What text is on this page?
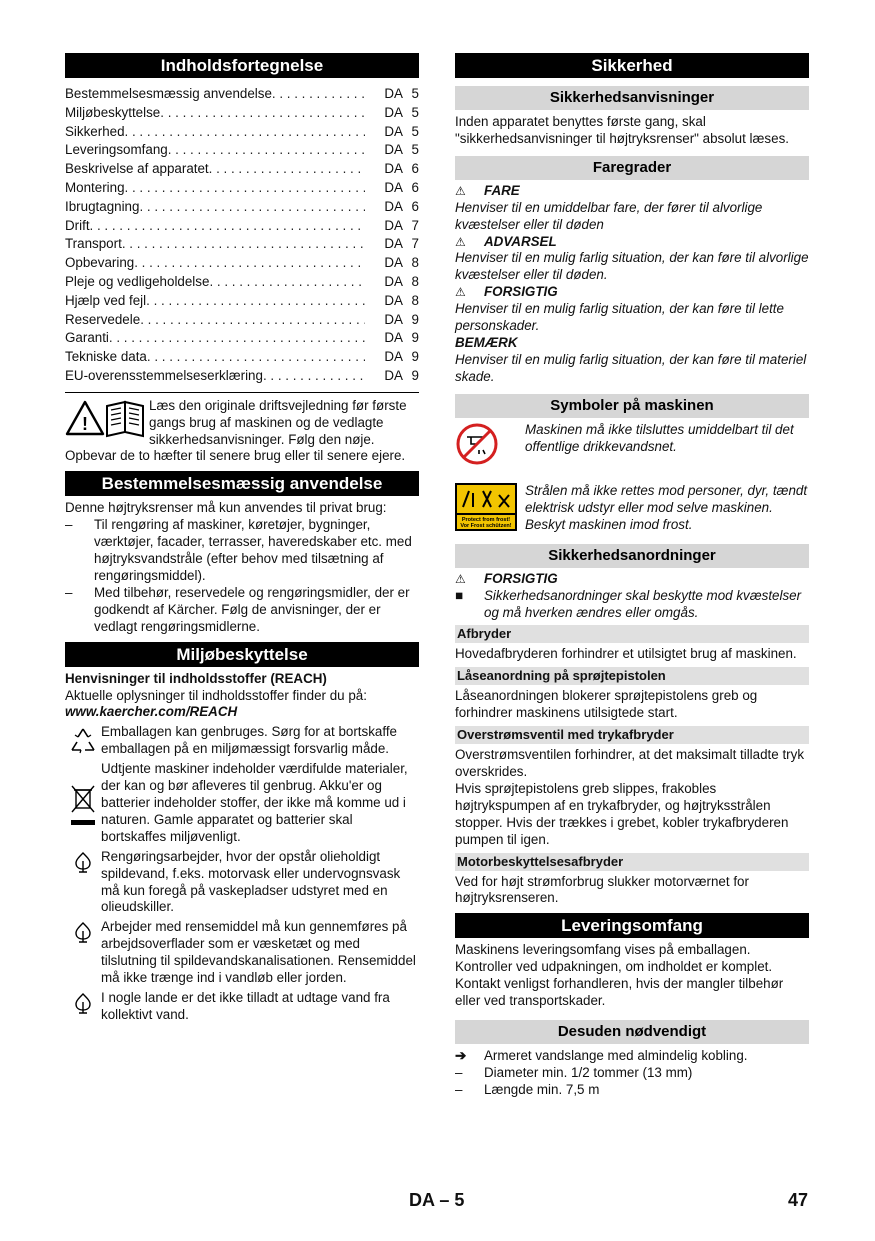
Indholdsfortegnelse
Bestemmelsesmæssig anvendelse . . .	DA 5
Miljøbeskyttelse . . .	DA 5
Sikkerhed . . .	DA 5
Leveringsomfang . . .	DA 5
Beskrivelse af apparatet . . .	DA 6
Montering . . .	DA 6
Ibrugtagning . . .	DA 6
Drift . . .	DA 7
Transport . . .	DA 7
Opbevaring . . .	DA 8
Pleje og vedligeholdelse . . .	DA 8
Hjælp ved fejl . . .	DA 8
Reservedele . . .	DA 9
Garanti . . .	DA 9
Tekniske data . . .	DA 9
EU-overensstemmelseserklæring . . .	DA 9
!

Læs den originale driftsvejledning før første gangs brug af maskinen og de vedlagte sikkerhedsanvisninger. Følg den nøje.

Opbevar de to hæfter til senere brug eller til senere ejere.

Bestemmelsesmæssig anvendelse

Denne højtryksrenser må kun anvendes til privat brug:

–	Til rengøring af maskiner, køretøjer, bygninger, værktøjer, facader, terrasser, haveredskaber etc. med højtryksvandstråle (efter behov med tilsætning af rengøringsmiddel).
–	Med tilbehør, reservedele og rengøringsmidler, der er godkendt af Kärcher. Følg de anvisninger, der er vedlagt rengøringsmidlerne.
Miljøbeskyttelse

Henvisninger til indholdsstoffer (REACH)

Aktuelle oplysninger til indholdsstoffer finder du på:

www.kaercher.com/REACH

Emballagen kan genbruges. Sørg for at bortskaffe emballagen på en miljømæssigt forsvarlig måde.

Udtjente maskiner indeholder værdifulde materialer, der kan og bør afleveres til genbrug. Akku'er og batterier indeholder stoffer, der ikke må komme ud i naturen. Gamle apparatet og batterier skal bortskaffes miljøvenligt.

Rengøringsarbejder, hvor der opstår olieholdigt spildevand, f.eks. motorvask eller undervognsvask må kun foregå på vaskepladser udstyret med en olieudskiller.

Arbejder med rensemiddel må kun gennemføres på arbejdsoverflader som er væsketæt og med tilslutning til spildevandskanalisationen. Rensemiddel må ikke trænge ind i vandløb eller jorden.

I nogle lande er det ikke tilladt at udtage vand fra kollektivt vand.

Sikkerhed
Sikkerhedsanvisninger

Inden apparatet benyttes første gang, skal "sikkerhedsanvisninger til højtryksrenser" absolut læses.

Faregrader
⚠	FARE

Henviser til en umiddelbar fare, der fører til alvorlige kvæstelser eller til døden

⚠	ADVARSEL

Henviser til en mulig farlig situation, der kan føre til alvorlige kvæstelser eller til døden.

⚠	FORSIGTIG

Henviser til en mulig farlig situation, der kan føre til lette personskader.

BEMÆRK

Henviser til en mulig farlig situation, der kan føre til materiel skade.

Symboler på maskinen

Maskinen må ikke tilsluttes umiddelbart til det offentlige drikkevandsnet.

Protect from frost!
Vor Frost schützen!

Strålen må ikke rettes mod personer, dyr, tændt elektrisk udstyr eller mod selve maskinen.

Beskyt maskinen imod frost.

Sikkerhedsanordninger
⚠	FORSIGTIG
■	Sikkerhedsanordninger skal beskytte mod kvæstelser og må hverken ændres eller omgås.
Afbryder

Hovedafbryderen forhindrer et utilsigtet brug af maskinen.

Låseanordning på sprøjtepistolen

Låseanordningen blokerer sprøjtepistolens greb og forhindrer maskinens utilsigtede start.

Overstrømsventil med trykafbryder

Overstrømsventilen forhindrer, at det maksimalt tilladte tryk overskrides.
Hvis sprøjtepistolens greb slippes, frakobles højtrykspumpen af en trykafbryder, og højtryksstrålen stopper. Hvis der trækkes i grebet, kobler trykafbryderen pumpen til igen.

Motorbeskyttelsesafbryder

Ved for højt strømforbrug slukker motorværnet for højtryksrenseren.

Leveringsomfang

Maskinens leveringsomfang vises på emballagen. Kontroller ved udpakningen, om indholdet er komplet. Kontakt venligst forhandleren, hvis der mangler tilbehør eller ved transportskader.

Desuden nødvendigt
➔	Armeret vandslange med almindelig kobling.
–	Diameter min. 1/2 tommer (13 mm)
–	Længde min. 7,5 m
DA – 5	47
